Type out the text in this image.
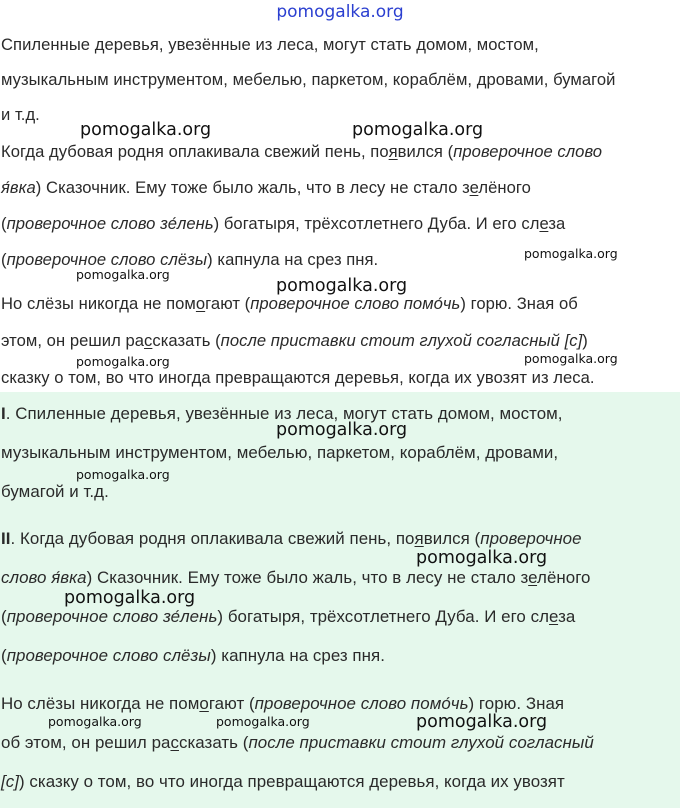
pomogalka.org
Спиленные деревья, увезённые из леса, могут стать домом, мостом,
музыкальным инструментом, мебелью, паркетом, кораблём, дровами, бумагой
и т.д.
Когда дубовая родня оплакивала свежий пень, появился (проверочное слово
я́вка) Сказочник. Ему тоже было жаль, что в лесу не стало зелёного
(проверочное слово зе́лень) богатыря, трёхсотлетнего Дуба. И его слеза
(проверочное слово слёзы) капнула на срез пня.
Но слёзы никогда не помогают (проверочное слово помо́чь) горю. Зная об
этом, он решил рассказать (после приставки стоит глухой согласный [с])
сказку о том, во что иногда превращаются деревья, когда их увозят из леса.
I. Спиленные деревья, увезённые из леса, могут стать домом, мостом,
музыкальным инструментом, мебелью, паркетом, кораблём, дровами,
бумагой и т.д.
II. Когда дубовая родня оплакивала свежий пень, появился (проверочное
слово я́вка) Сказочник. Ему тоже было жаль, что в лесу не стало зелёного
(проверочное слово зе́лень) богатыря, трёхсотлетнего Дуба. И его слеза
(проверочное слово слёзы) капнула на срез пня.
Но слёзы никогда не помогают (проверочное слово помо́чь) горю. Зная
об этом, он решил рассказать (после приставки стоит глухой согласный
[с]) сказку о том, во что иногда превращаются деревья, когда их увозят
pomogalka.org	pomogalka.org
pomogalka.org
pomogalka.org
pomogalka.org
pomogalka.org	pomogalka.org
pomogalka.org
pomogalka.org
pomogalka.org
pomogalka.org
pomogalka.org	pomogalka.org	pomogalka.org
